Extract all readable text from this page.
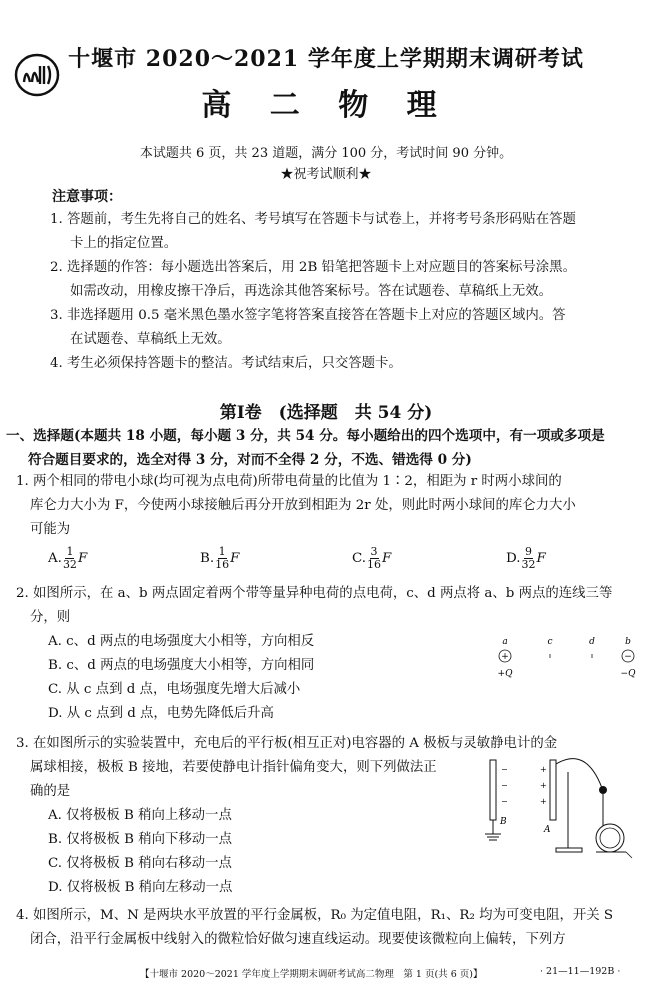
十堰市 2020～2021 学年度上学期期末调研考试
高 二 物 理
本试题共 6 页，共 23 道题，满分 100 分，考试时间 90 分钟。
★祝考试顺利★
注意事项：
1. 答题前，考生先将自己的姓名、考号填写在答题卡与试卷上，并将考号条形码贴在答题
卡上的指定位置。
2. 选择题的作答：每小题选出答案后，用 2B 铅笔把答题卡上对应题目的答案标号涂黑。
如需改动，用橡皮擦干净后，再选涂其他答案标号。答在试题卷、草稿纸上无效。
3. 非选择题用 0.5 毫米黑色墨水签字笔将答案直接答在答题卡上对应的答题区域内。答
在试题卷、草稿纸上无效。
4. 考生必须保持答题卡的整洁。考试结束后，只交答题卡。
第Ⅰ卷　(选择题　共 54 分)
一、选择题(本题共 18 小题，每小题 3 分，共 54 分。每小题给出的四个选项中，有一项或多项是
符合题目要求的，选全对得 3 分，对而不全得 2 分，不选、错选得 0 分)
1. 两个相同的带电小球(均可视为点电荷)所带电荷量的比值为 1∶2，相距为 r 时两小球间的
库仑力大小为 F，今使两小球接触后再分开放到相距为 2r 处，则此时两小球间的库仑力大小
可能为
A. $\frac{1}{32}$ F	B. $\frac{1}{16}$ F	C. $\frac{3}{16}$ F	D. $\frac{9}{32}$ F
2. 如图所示，在 a、b 两点固定着两个带等量异种电荷的点电荷，c、d 两点将 a、b 两点的连线三等
分，则
A. c、d 两点的电场强度大小相等，方向相反
B. c、d 两点的电场强度大小相等，方向相同
C. 从 c 点到 d 点，电场强度先增大后减小
D. 从 c 点到 d 点，电势先降低后升高
a	c	d	b
+	−
+Q	−Q
3. 在如图所示的实验装置中，充电后的平行板(相互正对)电容器的 A 极板与灵敏静电计的金
属球相接，极板 B 接地，若要使静电计指针偏角变大，则下列做法正
确的是
A. 仅将极板 B 稍向上移动一点
B. 仅将极板 B 稍向下移动一点
C. 仅将极板 B 稍向右移动一点
D. 仅将极板 B 稍向左移动一点
B
−
−
−
+
+
+
A
4. 如图所示，M、N 是两块水平放置的平行金属板，R₀ 为定值电阻，R₁、R₂ 均为可变电阻，开关 S
闭合，沿平行金属板中线射入的微粒恰好做匀速直线运动。现要使该微粒向上偏转，下列方
【十堰市 2020～2021 学年度上学期期末调研考试高二物理　第 1 页(共 6 页)】	· 21—11—192B ·
